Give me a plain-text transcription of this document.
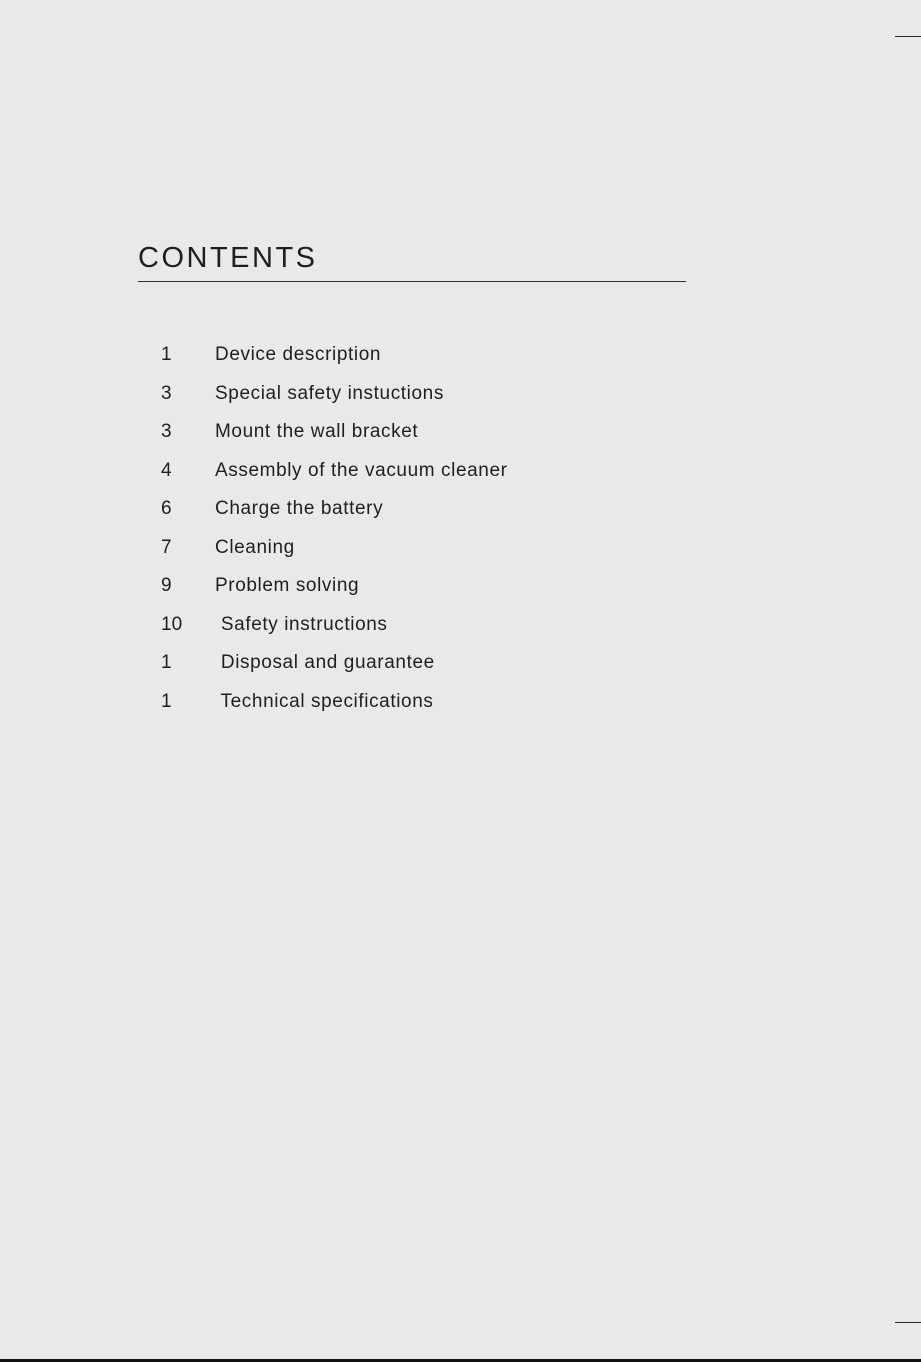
CONTENTS
1 Device description
3 Special safety instuctions
3 Mount the wall bracket
4 Assembly of the vacuum cleaner
6 Charge the battery
7 Cleaning
9 Problem solving
10 Safety instructions
1 Disposal and guarantee
1 Technical specifications
